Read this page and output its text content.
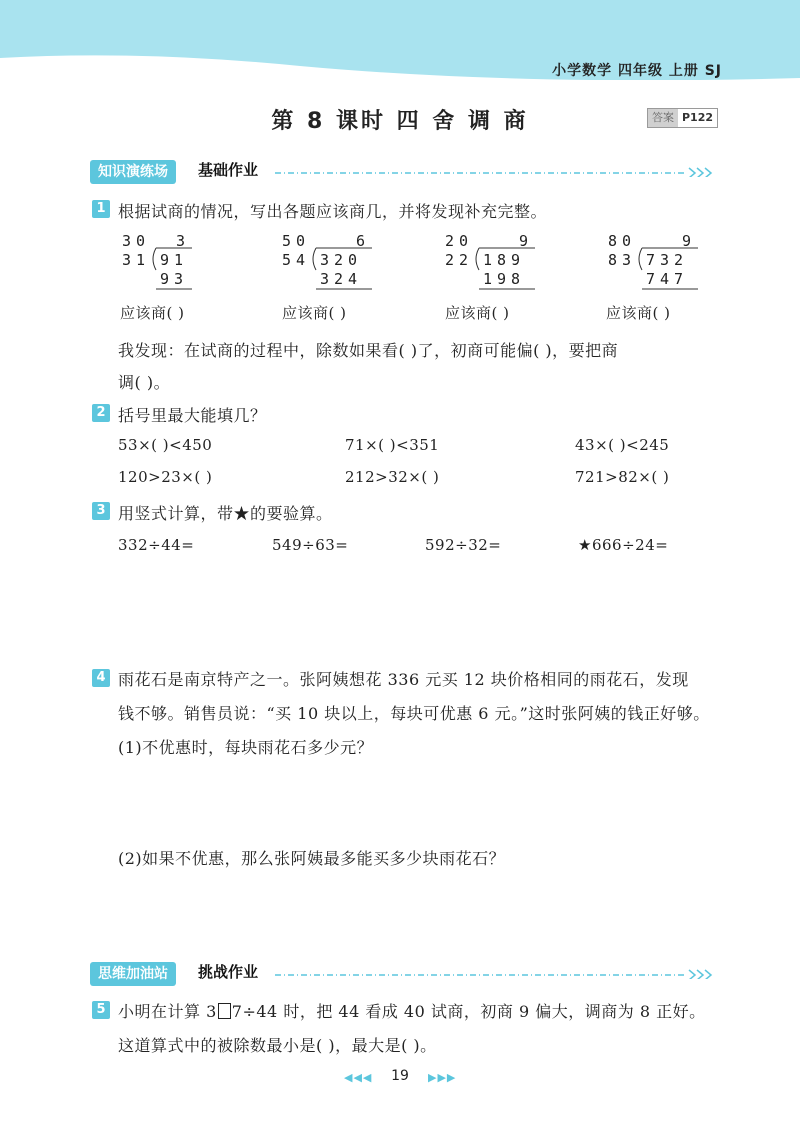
小学数学 四年级 上册 SJ
第 8 课时 四 舍 调 商	答案 P122
知识演练场	基础作业
1 根据试商的情况，写出各题应该商几，并将发现补充完整。
30 3
31 91
93
50	6
54 320
324
20	9
22 189
198
80	9
83 732
747
应该商( )	应该商( )	应该商( )	应该商( )
我发现：在试商的过程中，除数如果看( )了，初商可能偏( )，要把商
调( )。
2 括号里最大能填几？
53×( )<450	71×( )<351	43×( )<245
120>23×( )	212>32×( )	721>82×( )
3 用竖式计算，带★的要验算。
332÷44=	549÷63=	592÷32=	★666÷24=
4 雨花石是南京特产之一。张阿姨想花 336 元买 12 块价格相同的雨花石，发现
钱不够。销售员说：“买 10 块以上，每块可优惠 6 元。”这时张阿姨的钱正好够。
(1)不优惠时，每块雨花石多少元？
(2)如果不优惠，那么张阿姨最多能买多少块雨花石？
思维加油站	挑战作业
5 小明在计算 3 7÷44 时，把 44 看成 40 试商，初商 9 偏大，调商为 8 正好。
这道算式中的被除数最小是( )，最大是( )。
◀◀◀	19	▶▶▶
